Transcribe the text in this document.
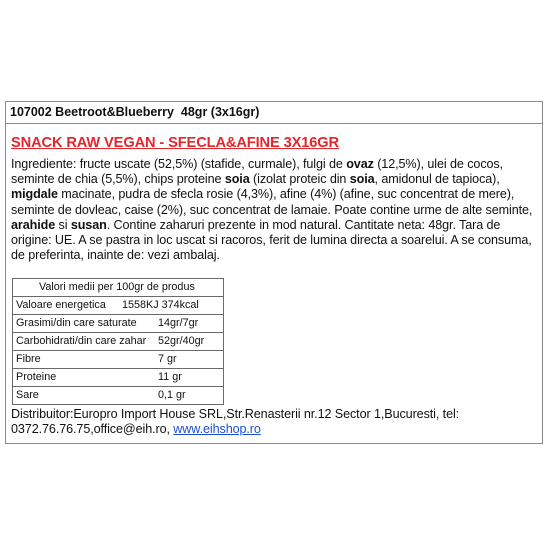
107002 Beetroot&Blueberry  48gr (3x16gr)
SNACK RAW VEGAN - SFECLA&AFINE 3X16GR
Ingrediente: fructe uscate (52,5%) (stafide, curmale), fulgi de ovaz (12,5%), ulei de cocos, seminte de chia (5,5%), chips proteine soia (izolat proteic din soia, amidonul de tapioca), migdale macinate, pudra de sfecla rosie (4,3%), afine (4%) (afine, suc concentrat de mere), seminte de dovleac, caise (2%), suc concentrat de lamaie. Poate contine urme de alte seminte, arahide si susan. Contine zaharuri prezente in mod natural. Cantitate neta: 48gr. Tara de origine: UE. A se pastra in loc uscat si racoros, ferit de lumina directa a soarelui. A se consuma, de preferinta, inainte de: vezi ambalaj.
Valori medii per 100gr de produs
Valoare energetica 1558KJ 374kcal
Grasimi/din care saturate 14gr/7gr
Carbohidrati/din care zahar 52gr/40gr
Fibre	7 gr
Proteine	11 gr
Sare	0,1 gr
Distribuitor:Europro Import House SRL,Str.Renasterii nr.12 Sector 1,Bucuresti, tel: 0372.76.76.75,office@eih.ro, www.eihshop.ro
